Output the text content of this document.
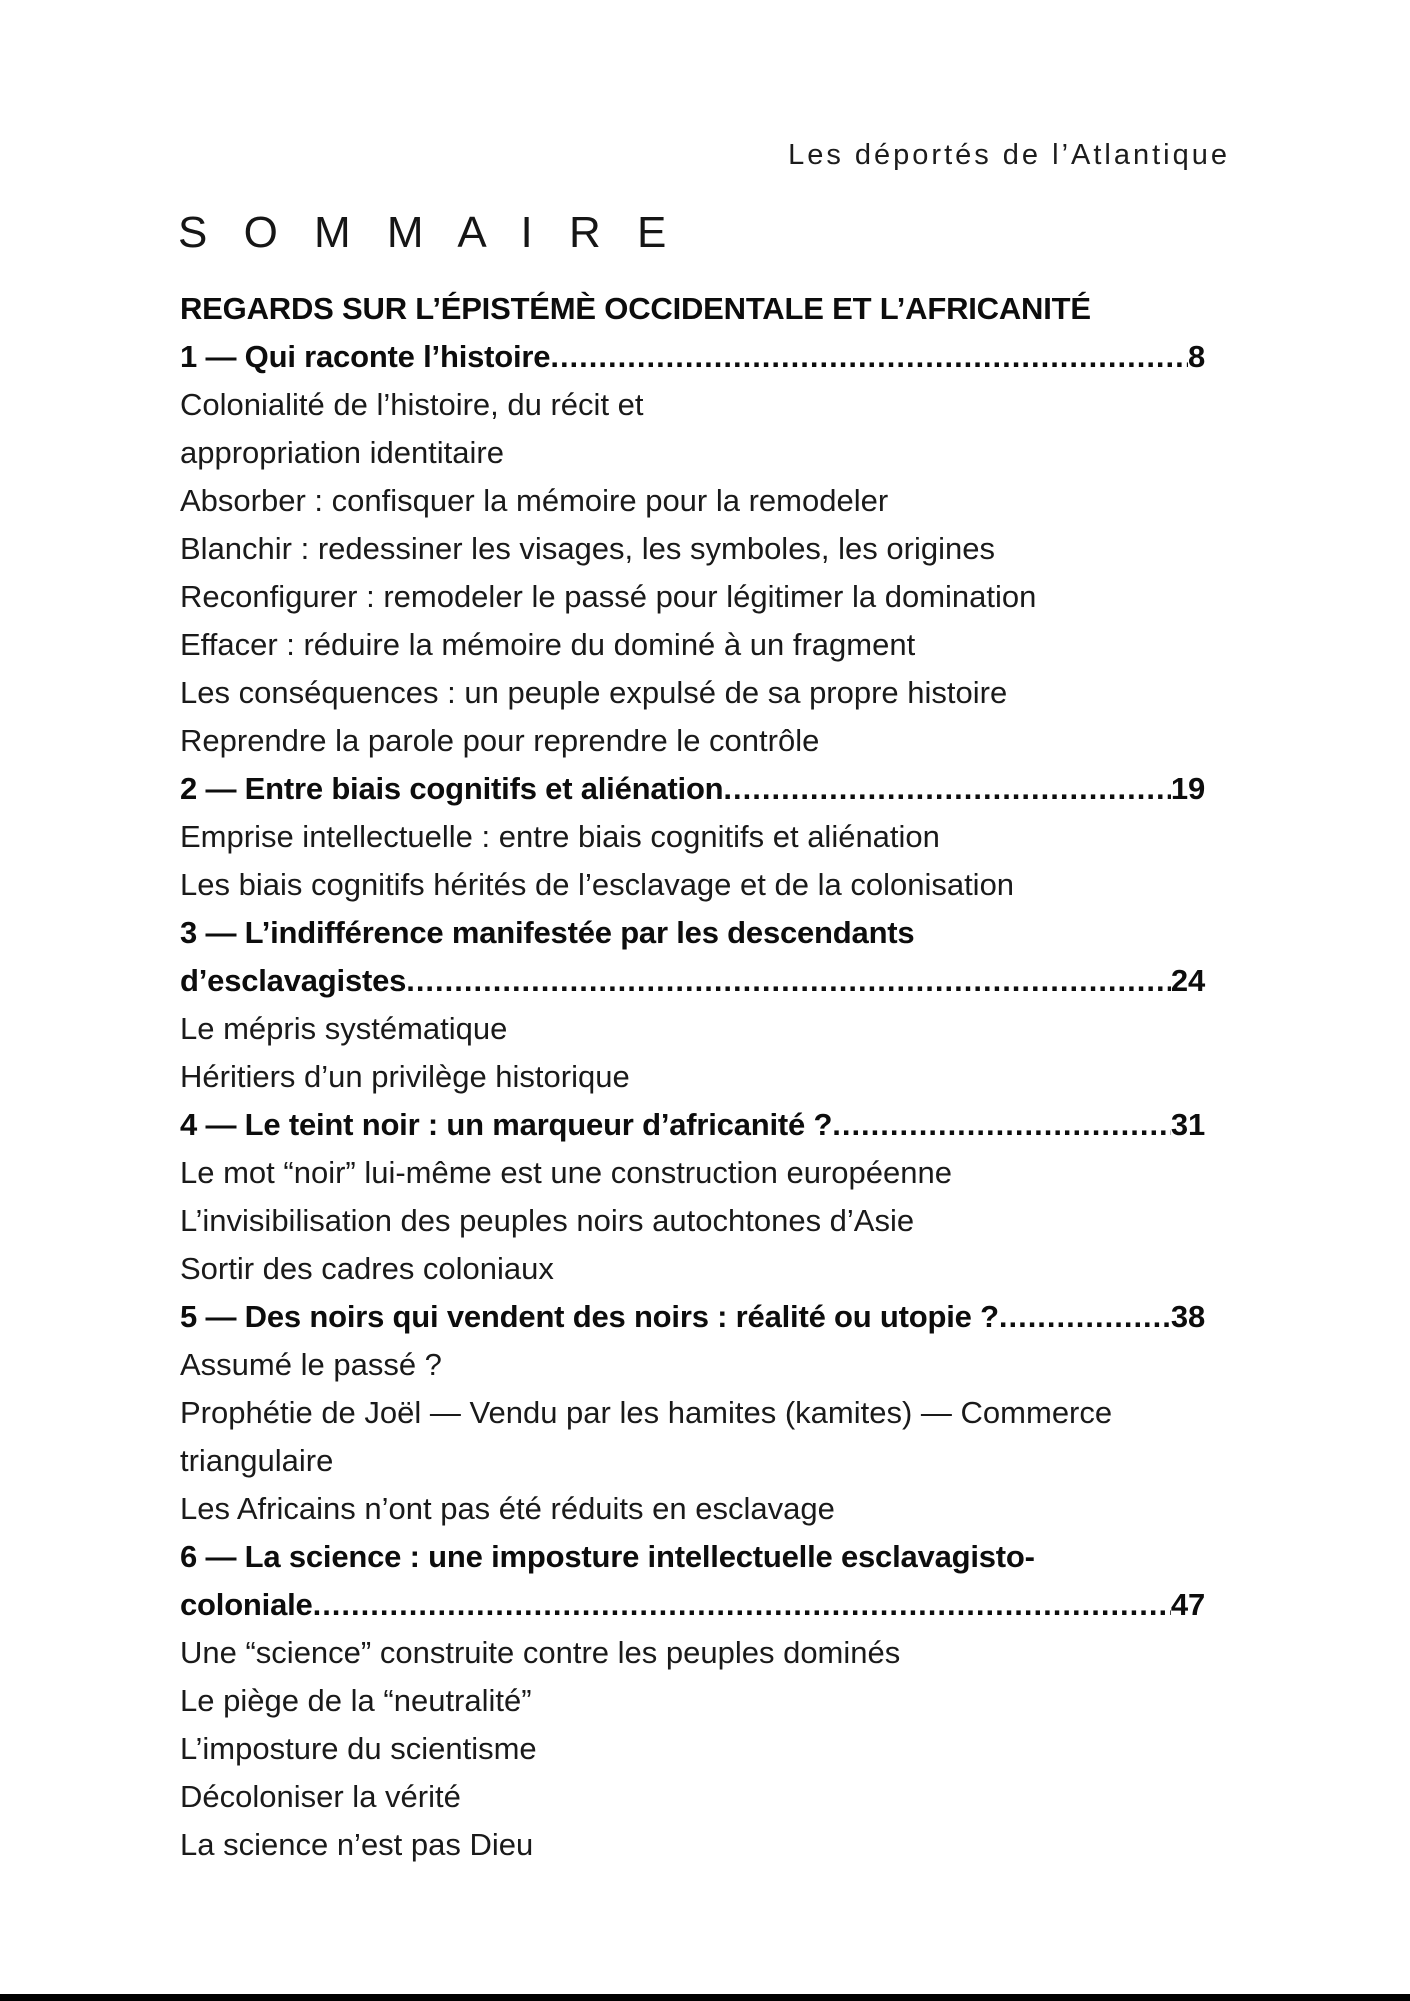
Les déportés de l’Atlantique
S O M M A I R E
REGARDS SUR L’ÉPISTÉMÈ OCCIDENTALE ET L’AFRICANITÉ
1 — Qui raconte l’histoire .....	8
Colonialité de l’histoire, du récit et
appropriation identitaire
Absorber : confisquer la mémoire pour la remodeler
Blanchir : redessiner les visages, les symboles, les origines
Reconfigurer : remodeler le passé pour légitimer la domination
Effacer : réduire la mémoire du dominé à un fragment
Les conséquences : un peuple expulsé de sa propre histoire
Reprendre la parole pour reprendre le contrôle
2 — Entre biais cognitifs et aliénation .....	19
Emprise intellectuelle : entre biais cognitifs et aliénation
Les biais cognitifs hérités de l’esclavage et de la colonisation
3 — L’indifférence manifestée par les descendants
d’esclavagistes .....	24
Le mépris systématique
Héritiers d’un privilège historique
4 — Le teint noir : un marqueur d’africanité ? .....	31
Le mot “noir” lui-même est une construction européenne
L’invisibilisation des peuples noirs autochtones d’Asie
Sortir des cadres coloniaux
5 — Des noirs qui vendent des noirs : réalité ou utopie ? .....	38
Assumé le passé ?
Prophétie de Joël — Vendu par les hamites (kamites) — Commerce
triangulaire
Les Africains n’ont pas été réduits en esclavage
6 — La science : une imposture intellectuelle esclavagisto-
coloniale .....	47
Une “science” construite contre les peuples dominés
Le piège de la “neutralité”
L’imposture du scientisme
Décoloniser la vérité
La science n’est pas Dieu
